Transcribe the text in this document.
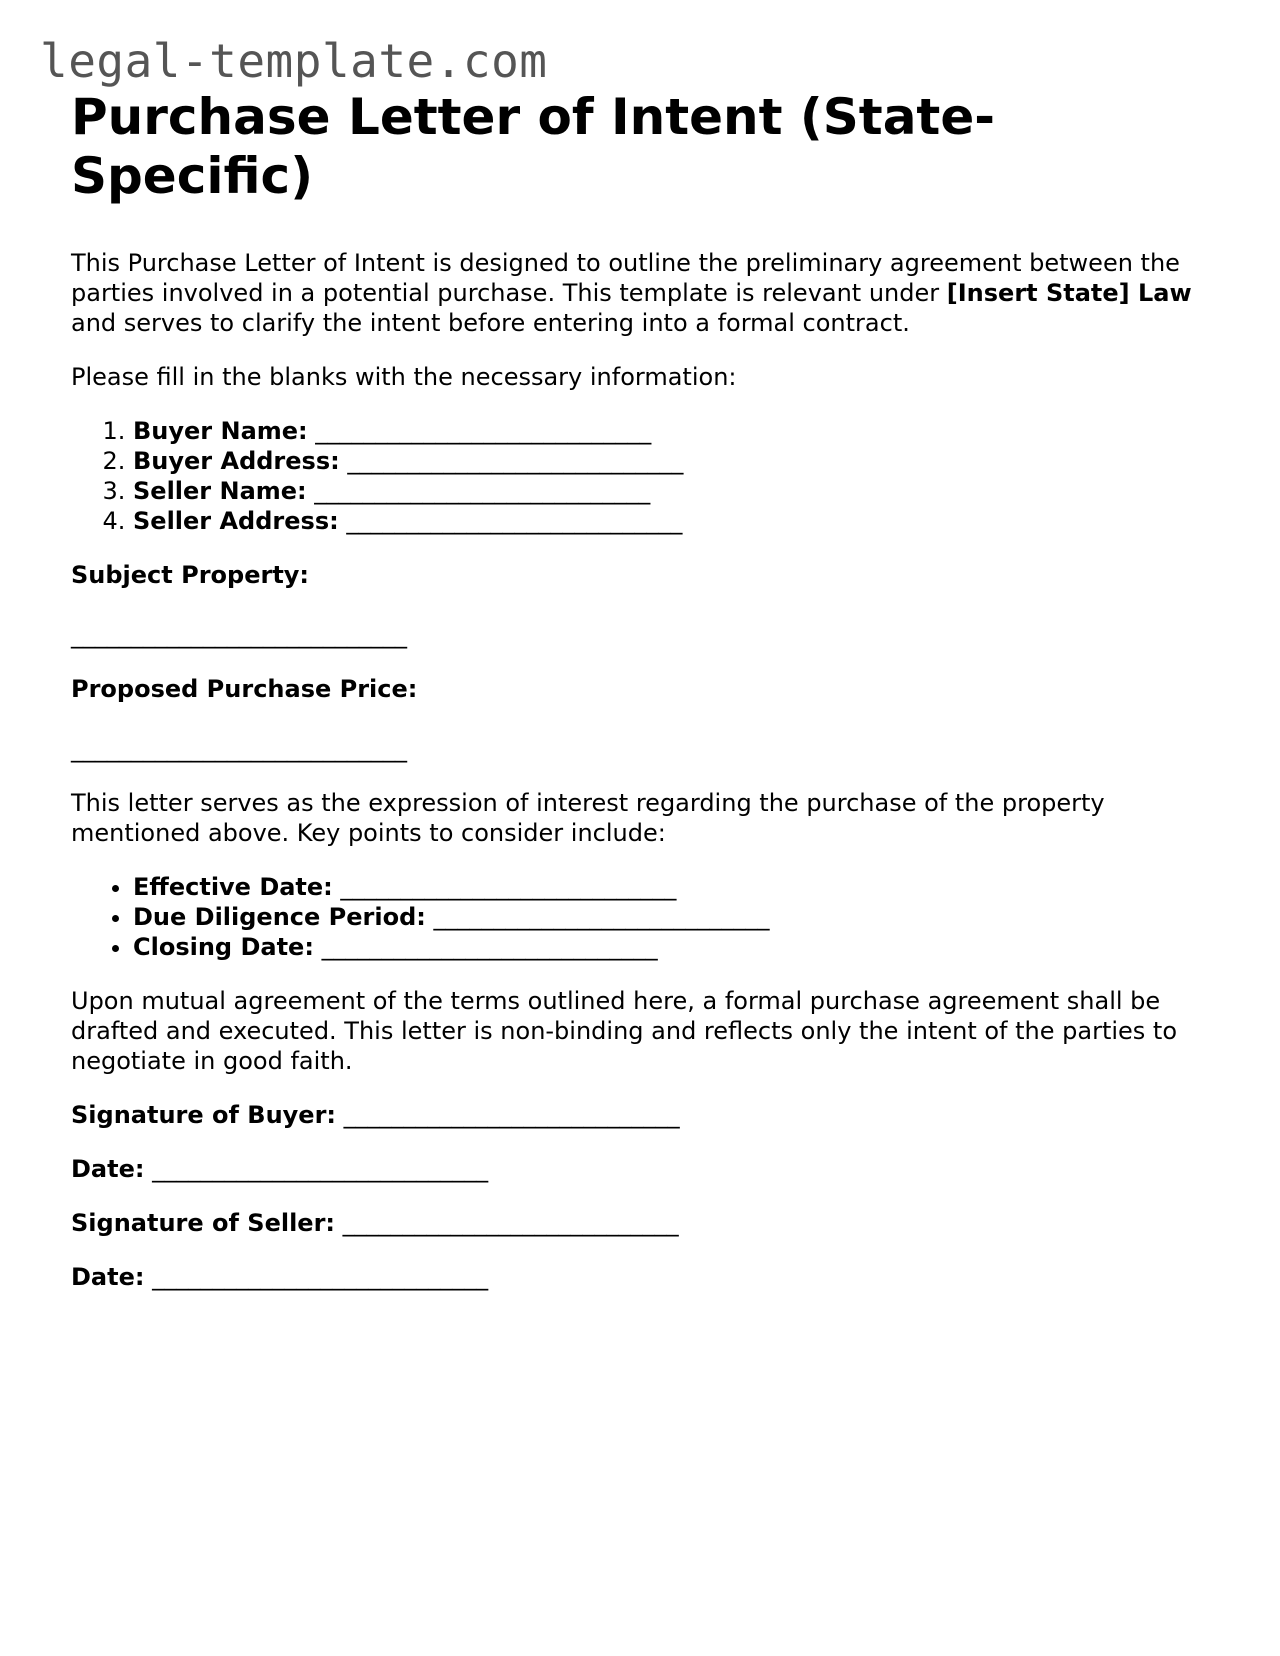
legal-template.com
Purchase Letter of Intent (State-Specific)

This Purchase Letter of Intent is designed to outline the preliminary agreement between the parties involved in a potential purchase. This template is relevant under [Insert State] Law and serves to clarify the intent before entering into a formal contract.

Please fill in the blanks with the necessary information:

1. Buyer Name: ____________________________
2. Buyer Address: ____________________________
3. Seller Name: ____________________________
4. Seller Address: ____________________________

Subject Property:

____________________________

Proposed Purchase Price:

____________________________

This letter serves as the expression of interest regarding the purchase of the property mentioned above. Key points to consider include:

• Effective Date: ____________________________
• Due Diligence Period: ____________________________
• Closing Date: ____________________________

Upon mutual agreement of the terms outlined here, a formal purchase agreement shall be drafted and executed. This letter is non-binding and reflects only the intent of the parties to negotiate in good faith.

Signature of Buyer: ____________________________

Date: ____________________________

Signature of Seller: ____________________________

Date: ____________________________
